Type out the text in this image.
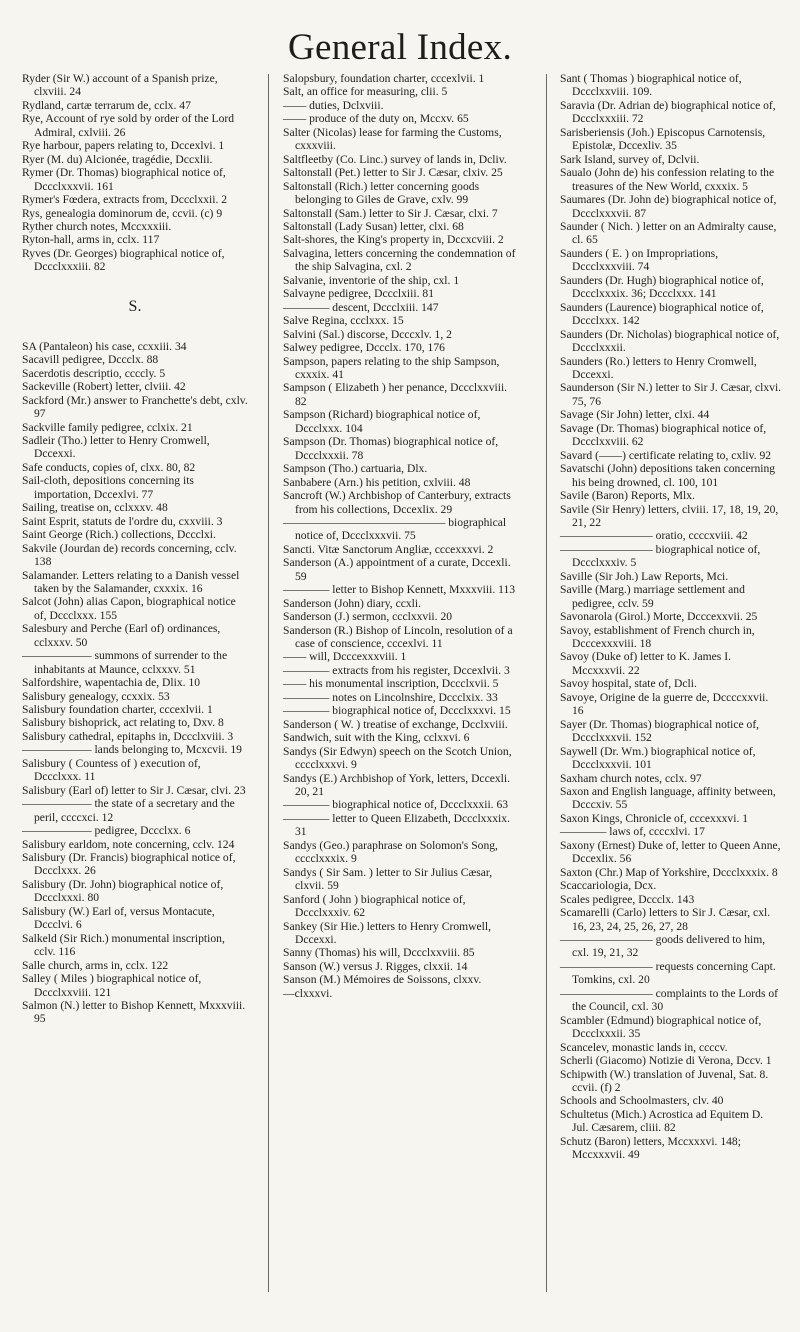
General Index.

Ryder (Sir W.) account of a Spanish prize, clxviii. 24

Rydland, cartæ terrarum de, cclx. 47

Rye, Account of rye sold by order of the Lord Admiral, cxlviii. 26

Rye harbour, papers relating to, Dccexlvi. 1

Ryer (M. du) Alcionée, tragédie, Dccxlii.

Rymer (Dr. Thomas) biographical notice of, Dccclxxxvii. 161

Rymer's Fœdera, extracts from, Dccclxxii. 2

Rys, genealogia dominorum de, ccvii. (c) 9

Ryther church notes, Mccxxxiii.

Ryton-hall, arms in, cclx. 117

Ryves (Dr. Georges) biographical notice of, Dccclxxxiii. 82

S.

SA (Pantaleon) his case, ccxxiii. 34

Sacavill pedigree, Dccclx. 88

Sacerdotis descriptio, ccccly. 5

Sackeville (Robert) letter, clviii. 42

Sackford (Mr.) answer to Franchette's debt, cxlv. 97

Sackville family pedigree, cclxix. 21

Sadleir (Tho.) letter to Henry Cromwell, Dccexxi.

Safe conducts, copies of, clxx. 80, 82

Sail-cloth, depositions concerning its importation, Dccexlvi. 77

Sailing, treatise on, cclxxxv. 48

Saint Esprit, statuts de l'ordre du, cxxviii. 3

Saint George (Rich.) collections, Dccclxi.

Sakvile (Jourdan de) records concerning, cclv. 138

Salamander. Letters relating to a Danish vessel taken by the Salamander, cxxxix. 16

Salcot (John) alias Capon, biographical notice of, Dccclxxx. 155

Salesbury and Perche (Earl of) ordinances, cclxxxv. 50

—————— summons of surrender to the inhabitants at Maunce, cclxxxv. 51

Salfordshire, wapentachia de, Dlix. 10

Salisbury genealogy, ccxxix. 53

Salisbury foundation charter, cccexlvii. 1

Salisbury bishoprick, act relating to, Dxv. 8

Salisbury cathedral, epitaphs in, Dccclxviii. 3

—————— lands belonging to, Mcxcvii. 19

Salisbury ( Countess of ) execution of, Dccclxxx. 11

Salisbury (Earl of) letter to Sir J. Cæsar, clvi. 23

—————— the state of a secretary and the peril, ccccxci. 12

—————— pedigree, Dccclxx. 6

Salisbury earldom, note concerning, cclv. 124

Salisbury (Dr. Francis) biographical notice of, Dccclxxx. 26

Salisbury (Dr. John) biographical notice of, Dccclxxxi. 80

Salisbury (W.) Earl of, versus Montacute, Dccclvi. 6

Salkeld (Sir Rich.) monumental inscription, cclv. 116

Salle church, arms in, cclx. 122

Salley ( Miles ) biographical notice of, Dccclxxviii. 121

Salmon (N.) letter to Bishop Kennett, Mxxxviii. 95

Salopsbury, foundation charter, cccexlvii. 1

Salt, an office for measuring, clii. 5

—— duties, Dclxviii.

—— produce of the duty on, Mccxv. 65

Salter (Nicolas) lease for farming the Customs, cxxxviii.

Saltfleetby (Co. Linc.) survey of lands in, Dcliv.

Saltonstall (Pet.) letter to Sir J. Cæsar, clxiv. 25

Saltonstall (Rich.) letter concerning goods belonging to Giles de Grave, cxlv. 99

Saltonstall (Sam.) letter to Sir J. Cæsar, clxi. 7

Saltonstall (Lady Susan) letter, clxi. 68

Salt-shores, the King's property in, Dccxcviii. 2

Salvagina, letters concerning the condemnation of the ship Salvagina, cxl. 2

Salvanie, inventorie of the ship, cxl. 1

Salvayne pedigree, Dccclxiii. 81

———— descent, Dccclxiii. 147

Salve Regina, ccclxxx. 15

Salvini (Sal.) discorse, Dcccxlv. 1, 2

Salwey pedigree, Dccclx. 170, 176

Sampson, papers relating to the ship Sampson, cxxxix. 41

Sampson ( Elizabeth ) her penance, Dccclxxviii. 82

Sampson (Richard) biographical notice of, Dccclxxx. 104

Sampson (Dr. Thomas) biographical notice of, Dccclxxxii. 78

Sampson (Tho.) cartuaria, Dlx.

Sanbabere (Arn.) his petition, cxlviii. 48

Sancroft (W.) Archbishop of Canterbury, extracts from his collections, Dccexlix. 29

—————————————— biographical notice of, Dccclxxxvii. 75

Sancti. Vitæ Sanctorum Angliæ, cccexxxvi. 2

Sanderson (A.) appointment of a curate, Dccexli. 59

———— letter to Bishop Kennett, Mxxxviii. 113

Sanderson (John) diary, ccxli.

Sanderson (J.) sermon, ccclxxvii. 20

Sanderson (R.) Bishop of Lincoln, resolution of a case of conscience, cccexlvi. 11

—— will, Dcccexxxviii. 1

———— extracts from his register, Dccexlvii. 3

—— his monumental inscription, Dccclxvii. 5

———— notes on Lincolnshire, Dccclxix. 33

———— biographical notice of, Dccclxxxvi. 15

Sanderson ( W. ) treatise of exchange, Dcclxviii.

Sandwich, suit with the King, cclxxvi. 6

Sandys (Sir Edwyn) speech on the Scotch Union, cccclxxxvi. 9

Sandys (E.) Archbishop of York, letters, Dccexli. 20, 21

———— biographical notice of, Dccclxxxii. 63

———— letter to Queen Elizabeth, Dccclxxxix. 31

Sandys (Geo.) paraphrase on Solomon's Song, cccclxxxix. 9

Sandys ( Sir Sam. ) letter to Sir Julius Cæsar, clxvii. 59

Sanford ( John ) biographical notice of, Dccclxxxiv. 62

Sankey (Sir Hie.) letters to Henry Cromwell, Dccexxi.

Sanny (Thomas) his will, Dccclxxviii. 85

Sanson (W.) versus J. Rigges, clxxii. 14

Sanson (M.) Mémoires de Soissons, clxxv.

—clxxxvi.

Sant ( Thomas ) biographical notice of, Dccclxxviii. 109.

Saravia (Dr. Adrian de) biographical notice of, Dccclxxxiii. 72

Sarisberiensis (Joh.) Episcopus Carnotensis, Epistolæ, Dccexliv. 35

Sark Island, survey of, Dclvii.

Saualo (John de) his confession relating to the treasures of the New World, cxxxix. 5

Saumares (Dr. John de) biographical notice of, Dccclxxxvii. 87

Saunder ( Nich. ) letter on an Admiralty cause, cl. 65

Saunders ( E. ) on Impropriations, Dccclxxxviii. 74

Saunders (Dr. Hugh) biographical notice of, Dccclxxxix. 36; Dccclxxx. 141

Saunders (Laurence) biographical notice of, Dccclxxx. 142

Saunders (Dr. Nicholas) biographical notice of, Dccclxxxii.

Saunders (Ro.) letters to Henry Cromwell, Dccexxi.

Saunderson (Sir N.) letter to Sir J. Cæsar, clxvi. 75, 76

Savage (Sir John) letter, clxi. 44

Savage (Dr. Thomas) biographical notice of, Dccclxxviii. 62

Savard (——) certificate relating to, cxliv. 92

Savatschi (John) depositions taken concerning his being drowned, cl. 100, 101

Savile (Baron) Reports, Mlx.

Savile (Sir Henry) letters, clviii. 17, 18, 19, 20, 21, 22

———————— oratio, ccccxviii. 42

———————— biographical notice of, Dccclxxxiv. 5

Saville (Sir Joh.) Law Reports, Mci.

Saville (Marg.) marriage settlement and pedigree, cclv. 59

Savonarola (Girol.) Morte, Dcccexxvii. 25

Savoy, establishment of French church in, Dcccexxxviii. 18

Savoy (Duke of) letter to K. James I. Mccxxxvii. 22

Savoy hospital, state of, Dcli.

Savoye, Origine de la guerre de, Dccccxxvii. 16

Sayer (Dr. Thomas) biographical notice of, Dccclxxxvii. 152

Saywell (Dr. Wm.) biographical notice of, Dccclxxxvii. 101

Saxham church notes, cclx. 97

Saxon and English language, affinity between, Dcccxiv. 55

Saxon Kings, Chronicle of, cccexxxvi. 1

———— laws of, ccccxlvi. 17

Saxony (Ernest) Duke of, letter to Queen Anne, Dccexlix. 56

Saxton (Chr.) Map of Yorkshire, Dccclxxxix. 8

Scaccariologia, Dcx.

Scales pedigree, Dccclx. 143

Scamarelli (Carlo) letters to Sir J. Cæsar, cxl. 16, 23, 24, 25, 26, 27, 28

———————— goods delivered to him, cxl. 19, 21, 32

———————— requests concerning Capt. Tomkins, cxl. 20

———————— complaints to the Lords of the Council, cxl. 30

Scambler (Edmund) biographical notice of, Dccclxxxii. 35

Scancelev, monastic lands in, ccccv.

Scherli (Giacomo) Notizie di Verona, Dccv. 1

Schipwith (W.) translation of Juvenal, Sat. 8. ccvii. (f) 2

Schools and Schoolmasters, clv. 40

Schultetus (Mich.) Acrostica ad Equitem D. Jul. Cæsarem, cliii. 82

Schutz (Baron) letters, Mccxxxvi. 148; Mccxxxvii. 49
